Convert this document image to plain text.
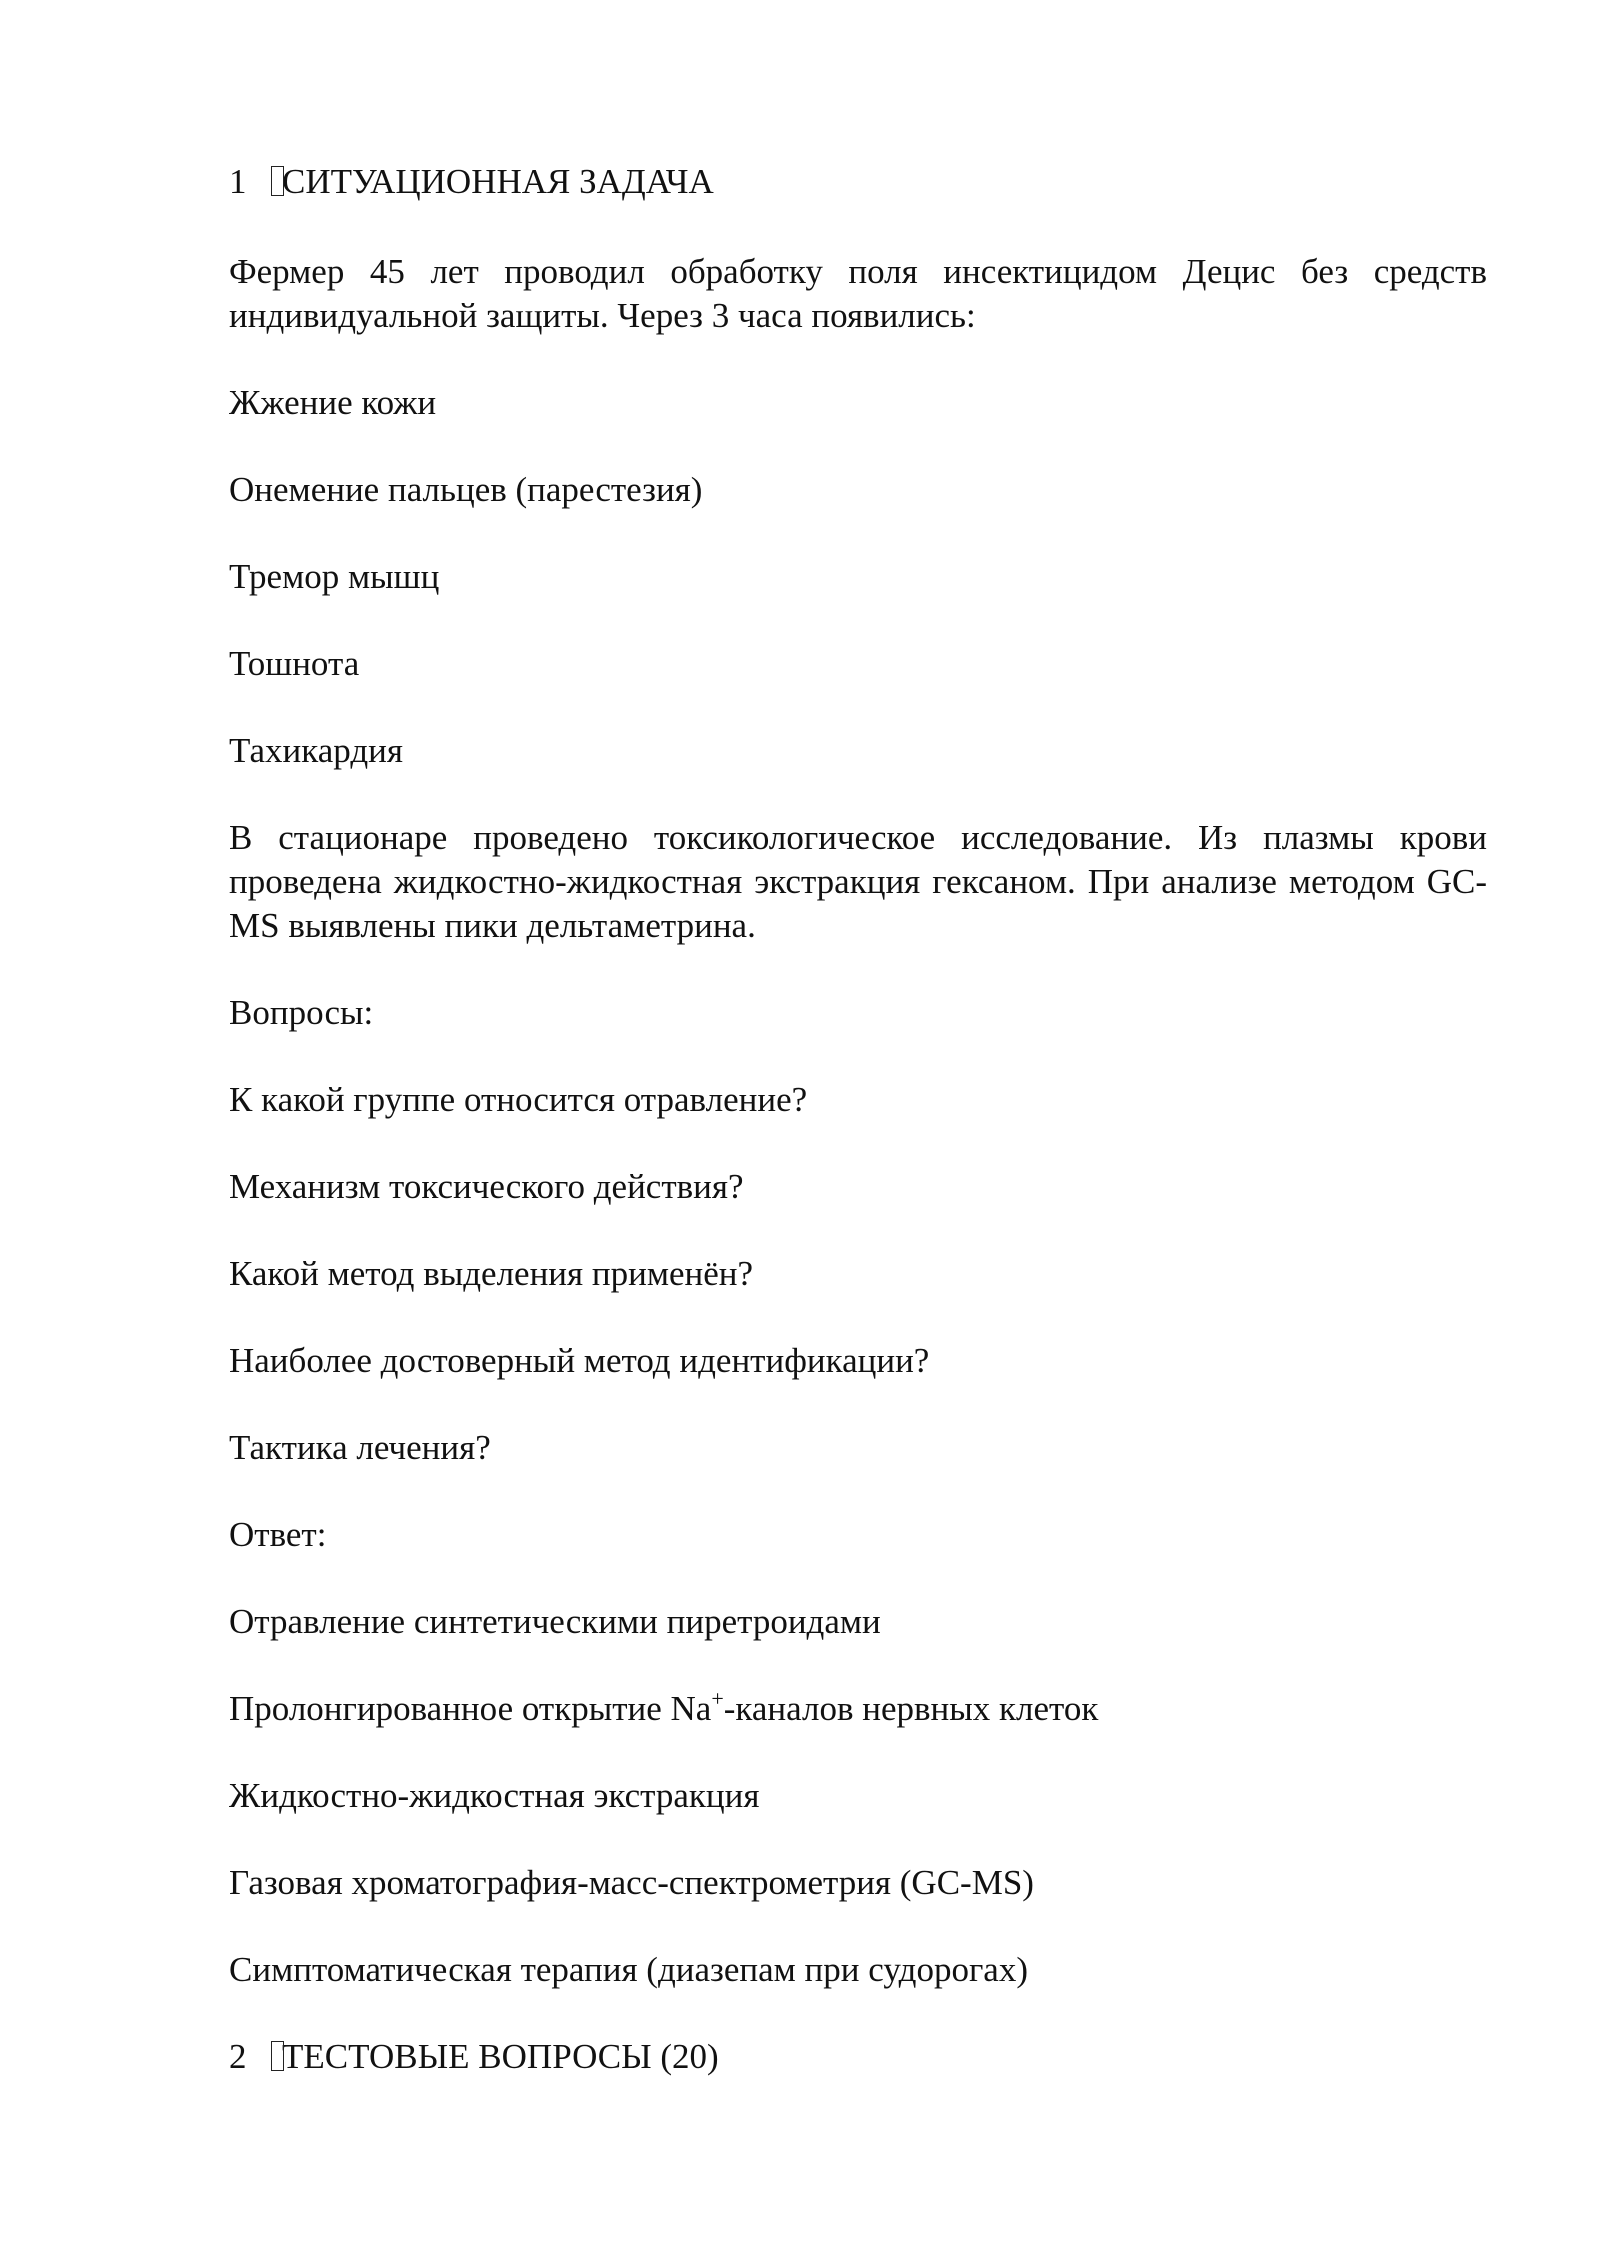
1	СИТУАЦИОННАЯ ЗАДАЧА
Фермер 45 лет проводил обработку поля инсектицидом Децис без средств индивидуальной защиты. Через 3 часа появились:
Жжение кожи
Онемение пальцев (парестезия)
Тремор мышц
Тошнота
Тахикардия
В стационаре проведено токсикологическое исследование. Из плазмы крови проведена жидкостно-жидкостная экстракция гексаном. При анализе методом GC-MS выявлены пики дельтаметрина.
Вопросы:
К какой группе относится отравление?
Механизм токсического действия?
Какой метод выделения применён?
Наиболее достоверный метод идентификации?
Тактика лечения?
Ответ:
Отравление синтетическими пиретроидами
Пролонгированное открытие Na+-каналов нервных клеток
Жидкостно-жидкостная экстракция
Газовая хроматография-масс-спектрометрия (GC-MS)
Симптоматическая терапия (диазепам при судорогах)
2	ТЕСТОВЫЕ ВОПРОСЫ (20)
